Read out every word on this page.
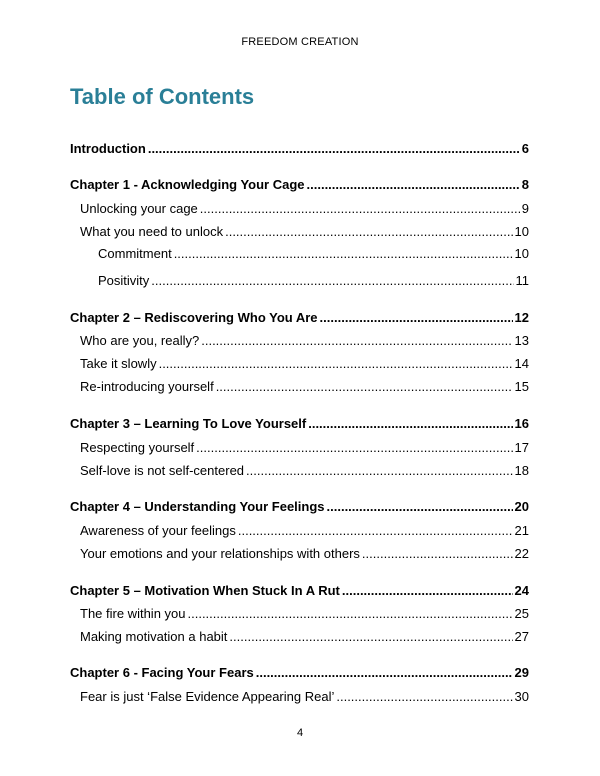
FREEDOM CREATION
Table of Contents
Introduction .....	6
Chapter 1 - Acknowledging Your Cage .....	8
Unlocking your cage .....	9
What you need to unlock .....	10
Commitment .....	10
Positivity .....	11
Chapter 2 – Rediscovering Who You Are .....	12
Who are you, really? .....	13
Take it slowly .....	14
Re-introducing yourself .....	15
Chapter 3 – Learning To Love Yourself .....	16
Respecting yourself .....	17
Self-love is not self-centered .....	18
Chapter 4 – Understanding Your Feelings .....	20
Awareness of your feelings .....	21
Your emotions and your relationships with others .....	22
Chapter 5 – Motivation When Stuck In A Rut .....	24
The fire within you .....	25
Making motivation a habit .....	27
Chapter 6 - Facing Your Fears .....	29
Fear is just ‘False Evidence Appearing Real’ .....	30
4
